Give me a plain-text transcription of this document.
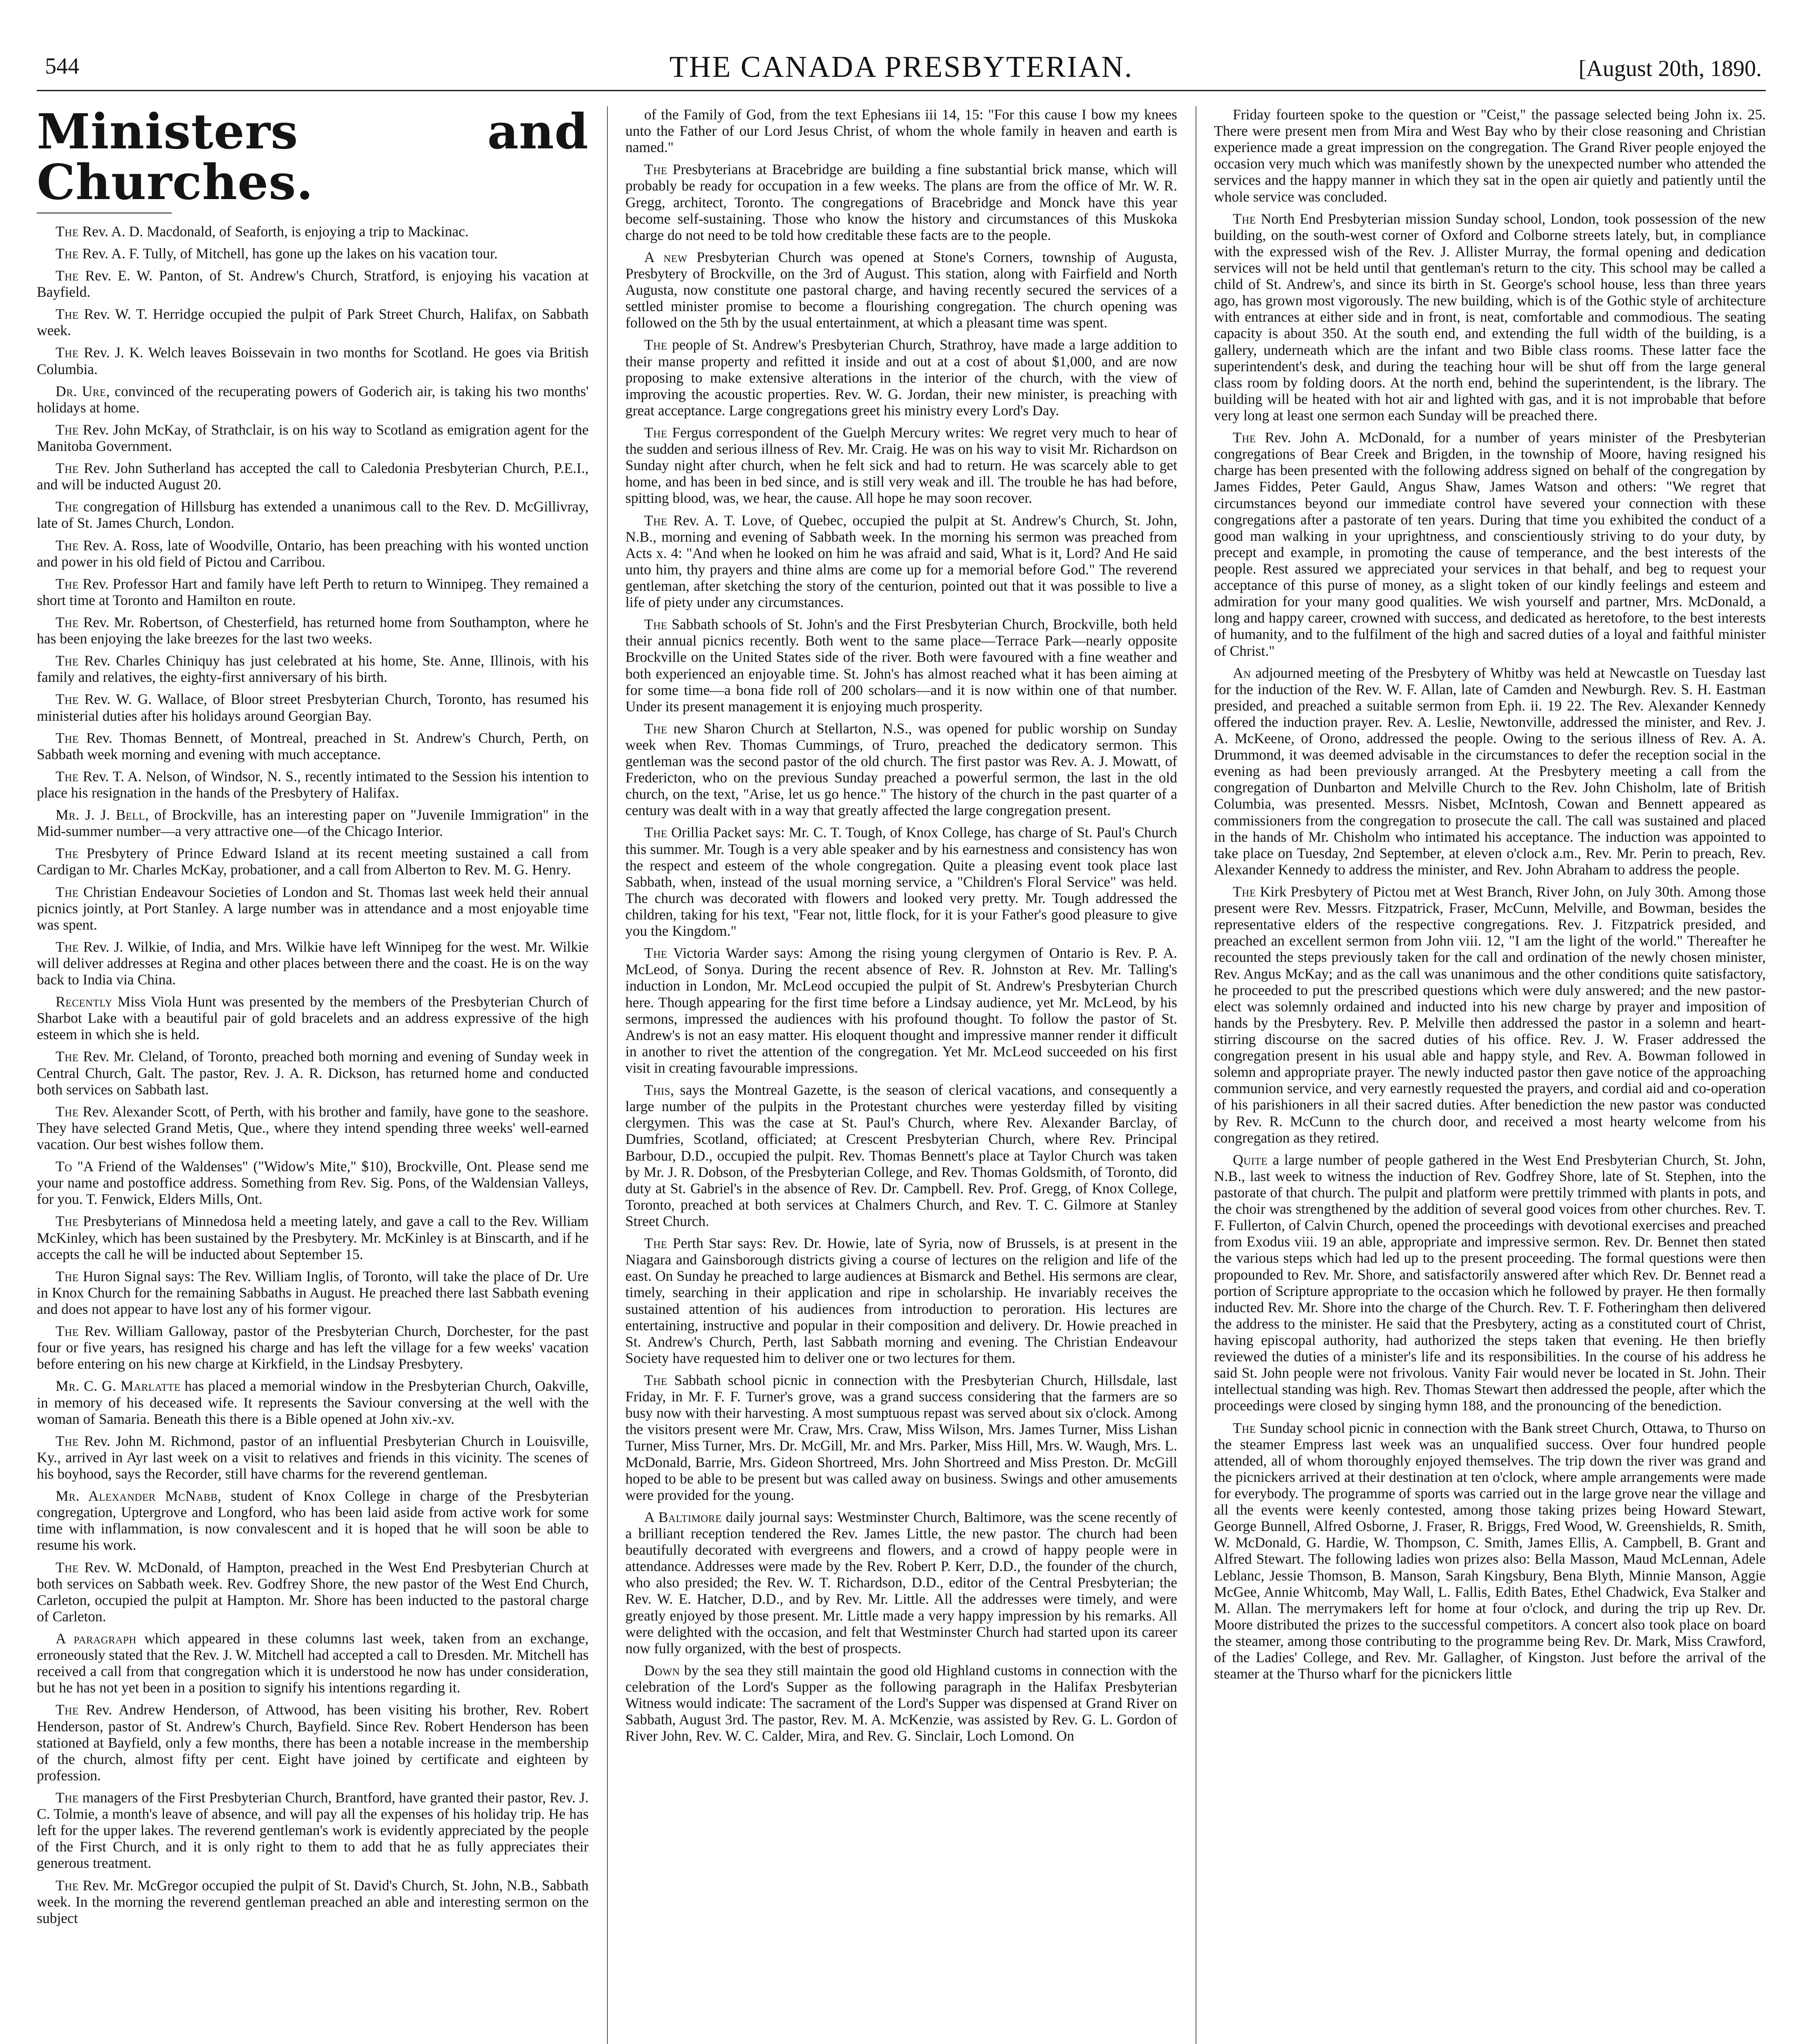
544	THE CANADA PRESBYTERIAN.	[August 20th, 1890.
Ministers and Churches.

The Rev. A. D. Macdonald, of Seaforth, is enjoying a trip to Mackinac.

The Rev. A. F. Tully, of Mitchell, has gone up the lakes on his vacation tour.

The Rev. E. W. Panton, of St. Andrew's Church, Stratford, is enjoying his vacation at Bayfield.

The Rev. W. T. Herridge occupied the pulpit of Park Street Church, Halifax, on Sabbath week.

The Rev. J. K. Welch leaves Boissevain in two months for Scotland. He goes via British Columbia.

Dr. Ure, convinced of the recuperating powers of Goderich air, is taking his two months' holidays at home.

The Rev. John McKay, of Strathclair, is on his way to Scotland as emigration agent for the Manitoba Government.

The Rev. John Sutherland has accepted the call to Caledonia Presbyterian Church, P.E.I., and will be inducted August 20.

The congregation of Hillsburg has extended a unanimous call to the Rev. D. McGillivray, late of St. James Church, London.

The Rev. A. Ross, late of Woodville, Ontario, has been preaching with his wonted unction and power in his old field of Pictou and Carribou.

The Rev. Professor Hart and family have left Perth to return to Winnipeg. They remained a short time at Toronto and Hamilton en route.

The Rev. Mr. Robertson, of Chesterfield, has returned home from Southampton, where he has been enjoying the lake breezes for the last two weeks.

The Rev. Charles Chiniquy has just celebrated at his home, Ste. Anne, Illinois, with his family and relatives, the eighty-first anniversary of his birth.

The Rev. W. G. Wallace, of Bloor street Presbyterian Church, Toronto, has resumed his ministerial duties after his holidays around Georgian Bay.

The Rev. Thomas Bennett, of Montreal, preached in St. Andrew's Church, Perth, on Sabbath week morning and evening with much acceptance.

The Rev. T. A. Nelson, of Windsor, N. S., recently intimated to the Session his intention to place his resignation in the hands of the Presbytery of Halifax.

Mr. J. J. Bell, of Brockville, has an interesting paper on "Juvenile Immigration" in the Mid-summer number—a very attractive one—of the Chicago Interior.

The Presbytery of Prince Edward Island at its recent meeting sustained a call from Cardigan to Mr. Charles McKay, probationer, and a call from Alberton to Rev. M. G. Henry.

The Christian Endeavour Societies of London and St. Thomas last week held their annual picnics jointly, at Port Stanley. A large number was in attendance and a most enjoyable time was spent.

The Rev. J. Wilkie, of India, and Mrs. Wilkie have left Winnipeg for the west. Mr. Wilkie will deliver addresses at Regina and other places between there and the coast. He is on the way back to India via China.

Recently Miss Viola Hunt was presented by the members of the Presbyterian Church of Sharbot Lake with a beautiful pair of gold bracelets and an address expressive of the high esteem in which she is held.

The Rev. Mr. Cleland, of Toronto, preached both morning and evening of Sunday week in Central Church, Galt. The pastor, Rev. J. A. R. Dickson, has returned home and conducted both services on Sabbath last.

The Rev. Alexander Scott, of Perth, with his brother and family, have gone to the seashore. They have selected Grand Metis, Que., where they intend spending three weeks' well-earned vacation. Our best wishes follow them.

To "A Friend of the Waldenses" ("Widow's Mite," $10), Brockville, Ont. Please send me your name and postoffice address. Something from Rev. Sig. Pons, of the Waldensian Valleys, for you. T. Fenwick, Elders Mills, Ont.

The Presbyterians of Minnedosa held a meeting lately, and gave a call to the Rev. William McKinley, which has been sustained by the Presbytery. Mr. McKinley is at Binscarth, and if he accepts the call he will be inducted about September 15.

The Huron Signal says: The Rev. William Inglis, of Toronto, will take the place of Dr. Ure in Knox Church for the remaining Sabbaths in August. He preached there last Sabbath evening and does not appear to have lost any of his former vigour.

The Rev. William Galloway, pastor of the Presbyterian Church, Dorchester, for the past four or five years, has resigned his charge and has left the village for a few weeks' vacation before entering on his new charge at Kirkfield, in the Lindsay Presbytery.

Mr. C. G. Marlatte has placed a memorial window in the Presbyterian Church, Oakville, in memory of his deceased wife. It represents the Saviour conversing at the well with the woman of Samaria. Beneath this there is a Bible opened at John xiv.-xv.

The Rev. John M. Richmond, pastor of an influential Presbyterian Church in Louisville, Ky., arrived in Ayr last week on a visit to relatives and friends in this vicinity. The scenes of his boyhood, says the Recorder, still have charms for the reverend gentleman.

Mr. Alexander McNabb, student of Knox College in charge of the Presbyterian congregation, Uptergrove and Longford, who has been laid aside from active work for some time with inflammation, is now convalescent and it is hoped that he will soon be able to resume his work.

The Rev. W. McDonald, of Hampton, preached in the West End Presbyterian Church at both services on Sabbath week. Rev. Godfrey Shore, the new pastor of the West End Church, Carleton, occupied the pulpit at Hampton. Mr. Shore has been inducted to the pastoral charge of Carleton.

A paragraph which appeared in these columns last week, taken from an exchange, erroneously stated that the Rev. J. W. Mitchell had accepted a call to Dresden. Mr. Mitchell has received a call from that congregation which it is understood he now has under consideration, but he has not yet been in a position to signify his intentions regarding it.

The Rev. Andrew Henderson, of Attwood, has been visiting his brother, Rev. Robert Henderson, pastor of St. Andrew's Church, Bayfield. Since Rev. Robert Henderson has been stationed at Bayfield, only a few months, there has been a notable increase in the membership of the church, almost fifty per cent. Eight have joined by certificate and eighteen by profession.

The managers of the First Presbyterian Church, Brantford, have granted their pastor, Rev. J. C. Tolmie, a month's leave of absence, and will pay all the expenses of his holiday trip. He has left for the upper lakes. The reverend gentleman's work is evidently appreciated by the people of the First Church, and it is only right to them to add that he as fully appreciates their generous treatment.

The Rev. Mr. McGregor occupied the pulpit of St. David's Church, St. John, N.B., Sabbath week. In the morning the reverend gentleman preached an able and interesting sermon on the subject

of the Family of God, from the text Ephesians iii 14, 15: "For this cause I bow my knees unto the Father of our Lord Jesus Christ, of whom the whole family in heaven and earth is named."

The Presbyterians at Bracebridge are building a fine substantial brick manse, which will probably be ready for occupation in a few weeks. The plans are from the office of Mr. W. R. Gregg, architect, Toronto. The congregations of Bracebridge and Monck have this year become self-sustaining. Those who know the history and circumstances of this Muskoka charge do not need to be told how creditable these facts are to the people.

A new Presbyterian Church was opened at Stone's Corners, township of Augusta, Presbytery of Brockville, on the 3rd of August. This station, along with Fairfield and North Augusta, now constitute one pastoral charge, and having recently secured the services of a settled minister promise to become a flourishing congregation. The church opening was followed on the 5th by the usual entertainment, at which a pleasant time was spent.

The people of St. Andrew's Presbyterian Church, Strathroy, have made a large addition to their manse property and refitted it inside and out at a cost of about $1,000, and are now proposing to make extensive alterations in the interior of the church, with the view of improving the acoustic properties. Rev. W. G. Jordan, their new minister, is preaching with great acceptance. Large congregations greet his ministry every Lord's Day.

The Fergus correspondent of the Guelph Mercury writes: We regret very much to hear of the sudden and serious illness of Rev. Mr. Craig. He was on his way to visit Mr. Richardson on Sunday night after church, when he felt sick and had to return. He was scarcely able to get home, and has been in bed since, and is still very weak and ill. The trouble he has had before, spitting blood, was, we hear, the cause. All hope he may soon recover.

The Rev. A. T. Love, of Quebec, occupied the pulpit at St. Andrew's Church, St. John, N.B., morning and evening of Sabbath week. In the morning his sermon was preached from Acts x. 4: "And when he looked on him he was afraid and said, What is it, Lord? And He said unto him, thy prayers and thine alms are come up for a memorial before God." The reverend gentleman, after sketching the story of the centurion, pointed out that it was possible to live a life of piety under any circumstances.

The Sabbath schools of St. John's and the First Presbyterian Church, Brockville, both held their annual picnics recently. Both went to the same place—Terrace Park—nearly opposite Brockville on the United States side of the river. Both were favoured with a fine weather and both experienced an enjoyable time. St. John's has almost reached what it has been aiming at for some time—a bona fide roll of 200 scholars—and it is now within one of that number. Under its present management it is enjoying much prosperity.

The new Sharon Church at Stellarton, N.S., was opened for public worship on Sunday week when Rev. Thomas Cummings, of Truro, preached the dedicatory sermon. This gentleman was the second pastor of the old church. The first pastor was Rev. A. J. Mowatt, of Fredericton, who on the previous Sunday preached a powerful sermon, the last in the old church, on the text, "Arise, let us go hence." The history of the church in the past quarter of a century was dealt with in a way that greatly affected the large congregation present.

The Orillia Packet says: Mr. C. T. Tough, of Knox College, has charge of St. Paul's Church this summer. Mr. Tough is a very able speaker and by his earnestness and consistency has won the respect and esteem of the whole congregation. Quite a pleasing event took place last Sabbath, when, instead of the usual morning service, a "Children's Floral Service" was held. The church was decorated with flowers and looked very pretty. Mr. Tough addressed the children, taking for his text, "Fear not, little flock, for it is your Father's good pleasure to give you the Kingdom."

The Victoria Warder says: Among the rising young clergymen of Ontario is Rev. P. A. McLeod, of Sonya. During the recent absence of Rev. R. Johnston at Rev. Mr. Talling's induction in London, Mr. McLeod occupied the pulpit of St. Andrew's Presbyterian Church here. Though appearing for the first time before a Lindsay audience, yet Mr. McLeod, by his sermons, impressed the audiences with his profound thought. To follow the pastor of St. Andrew's is not an easy matter. His eloquent thought and impressive manner render it difficult in another to rivet the attention of the congregation. Yet Mr. McLeod succeeded on his first visit in creating favourable impressions.

This, says the Montreal Gazette, is the season of clerical vacations, and consequently a large number of the pulpits in the Protestant churches were yesterday filled by visiting clergymen. This was the case at St. Paul's Church, where Rev. Alexander Barclay, of Dumfries, Scotland, officiated; at Crescent Presbyterian Church, where Rev. Principal Barbour, D.D., occupied the pulpit. Rev. Thomas Bennett's place at Taylor Church was taken by Mr. J. R. Dobson, of the Presbyterian College, and Rev. Thomas Goldsmith, of Toronto, did duty at St. Gabriel's in the absence of Rev. Dr. Campbell. Rev. Prof. Gregg, of Knox College, Toronto, preached at both services at Chalmers Church, and Rev. T. C. Gilmore at Stanley Street Church.

The Perth Star says: Rev. Dr. Howie, late of Syria, now of Brussels, is at present in the Niagara and Gainsborough districts giving a course of lectures on the religion and life of the east. On Sunday he preached to large audiences at Bismarck and Bethel. His sermons are clear, timely, searching in their application and ripe in scholarship. He invariably receives the sustained attention of his audiences from introduction to peroration. His lectures are entertaining, instructive and popular in their composition and delivery. Dr. Howie preached in St. Andrew's Church, Perth, last Sabbath morning and evening. The Christian Endeavour Society have requested him to deliver one or two lectures for them.

The Sabbath school picnic in connection with the Presbyterian Church, Hillsdale, last Friday, in Mr. F. F. Turner's grove, was a grand success considering that the farmers are so busy now with their harvesting. A most sumptuous repast was served about six o'clock. Among the visitors present were Mr. Craw, Mrs. Craw, Miss Wilson, Mrs. James Turner, Miss Lishan Turner, Miss Turner, Mrs. Dr. McGill, Mr. and Mrs. Parker, Miss Hill, Mrs. W. Waugh, Mrs. L. McDonald, Barrie, Mrs. Gideon Shortreed, Mrs. John Shortreed and Miss Preston. Dr. McGill hoped to be able to be present but was called away on business. Swings and other amusements were provided for the young.

A Baltimore daily journal says: Westminster Church, Baltimore, was the scene recently of a brilliant reception tendered the Rev. James Little, the new pastor. The church had been beautifully decorated with evergreens and flowers, and a crowd of happy people were in attendance. Addresses were made by the Rev. Robert P. Kerr, D.D., the founder of the church, who also presided; the Rev. W. T. Richardson, D.D., editor of the Central Presbyterian; the Rev. W. E. Hatcher, D.D., and by Rev. Mr. Little. All the addresses were timely, and were greatly enjoyed by those present. Mr. Little made a very happy impression by his remarks. All were delighted with the occasion, and felt that Westminster Church had started upon its career now fully organized, with the best of prospects.

Down by the sea they still maintain the good old Highland customs in connection with the celebration of the Lord's Supper as the following paragraph in the Halifax Presbyterian Witness would indicate: The sacrament of the Lord's Supper was dispensed at Grand River on Sabbath, August 3rd. The pastor, Rev. M. A. McKenzie, was assisted by Rev. G. L. Gordon of River John, Rev. W. C. Calder, Mira, and Rev. G. Sinclair, Loch Lomond. On

Friday fourteen spoke to the question or "Ceist," the passage selected being John ix. 25. There were present men from Mira and West Bay who by their close reasoning and Christian experience made a great impression on the congregation. The Grand River people enjoyed the occasion very much which was manifestly shown by the unexpected number who attended the services and the happy manner in which they sat in the open air quietly and patiently until the whole service was concluded.

The North End Presbyterian mission Sunday school, London, took possession of the new building, on the south-west corner of Oxford and Colborne streets lately, but, in compliance with the expressed wish of the Rev. J. Allister Murray, the formal opening and dedication services will not be held until that gentleman's return to the city. This school may be called a child of St. Andrew's, and since its birth in St. George's school house, less than three years ago, has grown most vigorously. The new building, which is of the Gothic style of architecture with entrances at either side and in front, is neat, comfortable and commodious. The seating capacity is about 350. At the south end, and extending the full width of the building, is a gallery, underneath which are the infant and two Bible class rooms. These latter face the superintendent's desk, and during the teaching hour will be shut off from the large general class room by folding doors. At the north end, behind the superintendent, is the library. The building will be heated with hot air and lighted with gas, and it is not improbable that before very long at least one sermon each Sunday will be preached there.

The Rev. John A. McDonald, for a number of years minister of the Presbyterian congregations of Bear Creek and Brigden, in the township of Moore, having resigned his charge has been presented with the following address signed on behalf of the congregation by James Fiddes, Peter Gauld, Angus Shaw, James Watson and others: "We regret that circumstances beyond our immediate control have severed your connection with these congregations after a pastorate of ten years. During that time you exhibited the conduct of a good man walking in your uprightness, and conscientiously striving to do your duty, by precept and example, in promoting the cause of temperance, and the best interests of the people. Rest assured we appreciated your services in that behalf, and beg to request your acceptance of this purse of money, as a slight token of our kindly feelings and esteem and admiration for your many good qualities. We wish yourself and partner, Mrs. McDonald, a long and happy career, crowned with success, and dedicated as heretofore, to the best interests of humanity, and to the fulfilment of the high and sacred duties of a loyal and faithful minister of Christ."

An adjourned meeting of the Presbytery of Whitby was held at Newcastle on Tuesday last for the induction of the Rev. W. F. Allan, late of Camden and Newburgh. Rev. S. H. Eastman presided, and preached a suitable sermon from Eph. ii. 19 22. The Rev. Alexander Kennedy offered the induction prayer. Rev. A. Leslie, Newtonville, addressed the minister, and Rev. J. A. McKeene, of Orono, addressed the people. Owing to the serious illness of Rev. A. A. Drummond, it was deemed advisable in the circumstances to defer the reception social in the evening as had been previously arranged. At the Presbytery meeting a call from the congregation of Dunbarton and Melville Church to the Rev. John Chisholm, late of British Columbia, was presented. Messrs. Nisbet, McIntosh, Cowan and Bennett appeared as commissioners from the congregation to prosecute the call. The call was sustained and placed in the hands of Mr. Chisholm who intimated his acceptance. The induction was appointed to take place on Tuesday, 2nd September, at eleven o'clock a.m., Rev. Mr. Perin to preach, Rev. Alexander Kennedy to address the minister, and Rev. John Abraham to address the people.

The Kirk Presbytery of Pictou met at West Branch, River John, on July 30th. Among those present were Rev. Messrs. Fitzpatrick, Fraser, McCunn, Melville, and Bowman, besides the representative elders of the respective congregations. Rev. J. Fitzpatrick presided, and preached an excellent sermon from John viii. 12, "I am the light of the world." Thereafter he recounted the steps previously taken for the call and ordination of the newly chosen minister, Rev. Angus McKay; and as the call was unanimous and the other conditions quite satisfactory, he proceeded to put the prescribed questions which were duly answered; and the new pastor-elect was solemnly ordained and inducted into his new charge by prayer and imposition of hands by the Presbytery. Rev. P. Melville then addressed the pastor in a solemn and heart-stirring discourse on the sacred duties of his office. Rev. J. W. Fraser addressed the congregation present in his usual able and happy style, and Rev. A. Bowman followed in solemn and appropriate prayer. The newly inducted pastor then gave notice of the approaching communion service, and very earnestly requested the prayers, and cordial aid and co-operation of his parishioners in all their sacred duties. After benediction the new pastor was conducted by Rev. R. McCunn to the church door, and received a most hearty welcome from his congregation as they retired.

Quite a large number of people gathered in the West End Presbyterian Church, St. John, N.B., last week to witness the induction of Rev. Godfrey Shore, late of St. Stephen, into the pastorate of that church. The pulpit and platform were prettily trimmed with plants in pots, and the choir was strengthened by the addition of several good voices from other churches. Rev. T. F. Fullerton, of Calvin Church, opened the proceedings with devotional exercises and preached from Exodus viii. 19 an able, appropriate and impressive sermon. Rev. Dr. Bennet then stated the various steps which had led up to the present proceeding. The formal questions were then propounded to Rev. Mr. Shore, and satisfactorily answered after which Rev. Dr. Bennet read a portion of Scripture appropriate to the occasion which he followed by prayer. He then formally inducted Rev. Mr. Shore into the charge of the Church. Rev. T. F. Fotheringham then delivered the address to the minister. He said that the Presbytery, acting as a constituted court of Christ, having episcopal authority, had authorized the steps taken that evening. He then briefly reviewed the duties of a minister's life and its responsibilities. In the course of his address he said St. John people were not frivolous. Vanity Fair would never be located in St. John. Their intellectual standing was high. Rev. Thomas Stewart then addressed the people, after which the proceedings were closed by singing hymn 188, and the pronouncing of the benediction.

The Sunday school picnic in connection with the Bank street Church, Ottawa, to Thurso on the steamer Empress last week was an unqualified success. Over four hundred people attended, all of whom thoroughly enjoyed themselves. The trip down the river was grand and the picnickers arrived at their destination at ten o'clock, where ample arrangements were made for everybody. The programme of sports was carried out in the large grove near the village and all the events were keenly contested, among those taking prizes being Howard Stewart, George Bunnell, Alfred Osborne, J. Fraser, R. Briggs, Fred Wood, W. Greenshields, R. Smith, W. McDonald, G. Hardie, W. Thompson, C. Smith, James Ellis, A. Campbell, B. Grant and Alfred Stewart. The following ladies won prizes also: Bella Masson, Maud McLennan, Adele Leblanc, Jessie Thomson, B. Manson, Sarah Kingsbury, Bena Blyth, Minnie Manson, Aggie McGee, Annie Whitcomb, May Wall, L. Fallis, Edith Bates, Ethel Chadwick, Eva Stalker and M. Allan. The merrymakers left for home at four o'clock, and during the trip up Rev. Dr. Moore distributed the prizes to the successful competitors. A concert also took place on board the steamer, among those contributing to the programme being Rev. Dr. Mark, Miss Crawford, of the Ladies' College, and Rev. Mr. Gallagher, of Kingston. Just before the arrival of the steamer at the Thurso wharf for the picnickers little
